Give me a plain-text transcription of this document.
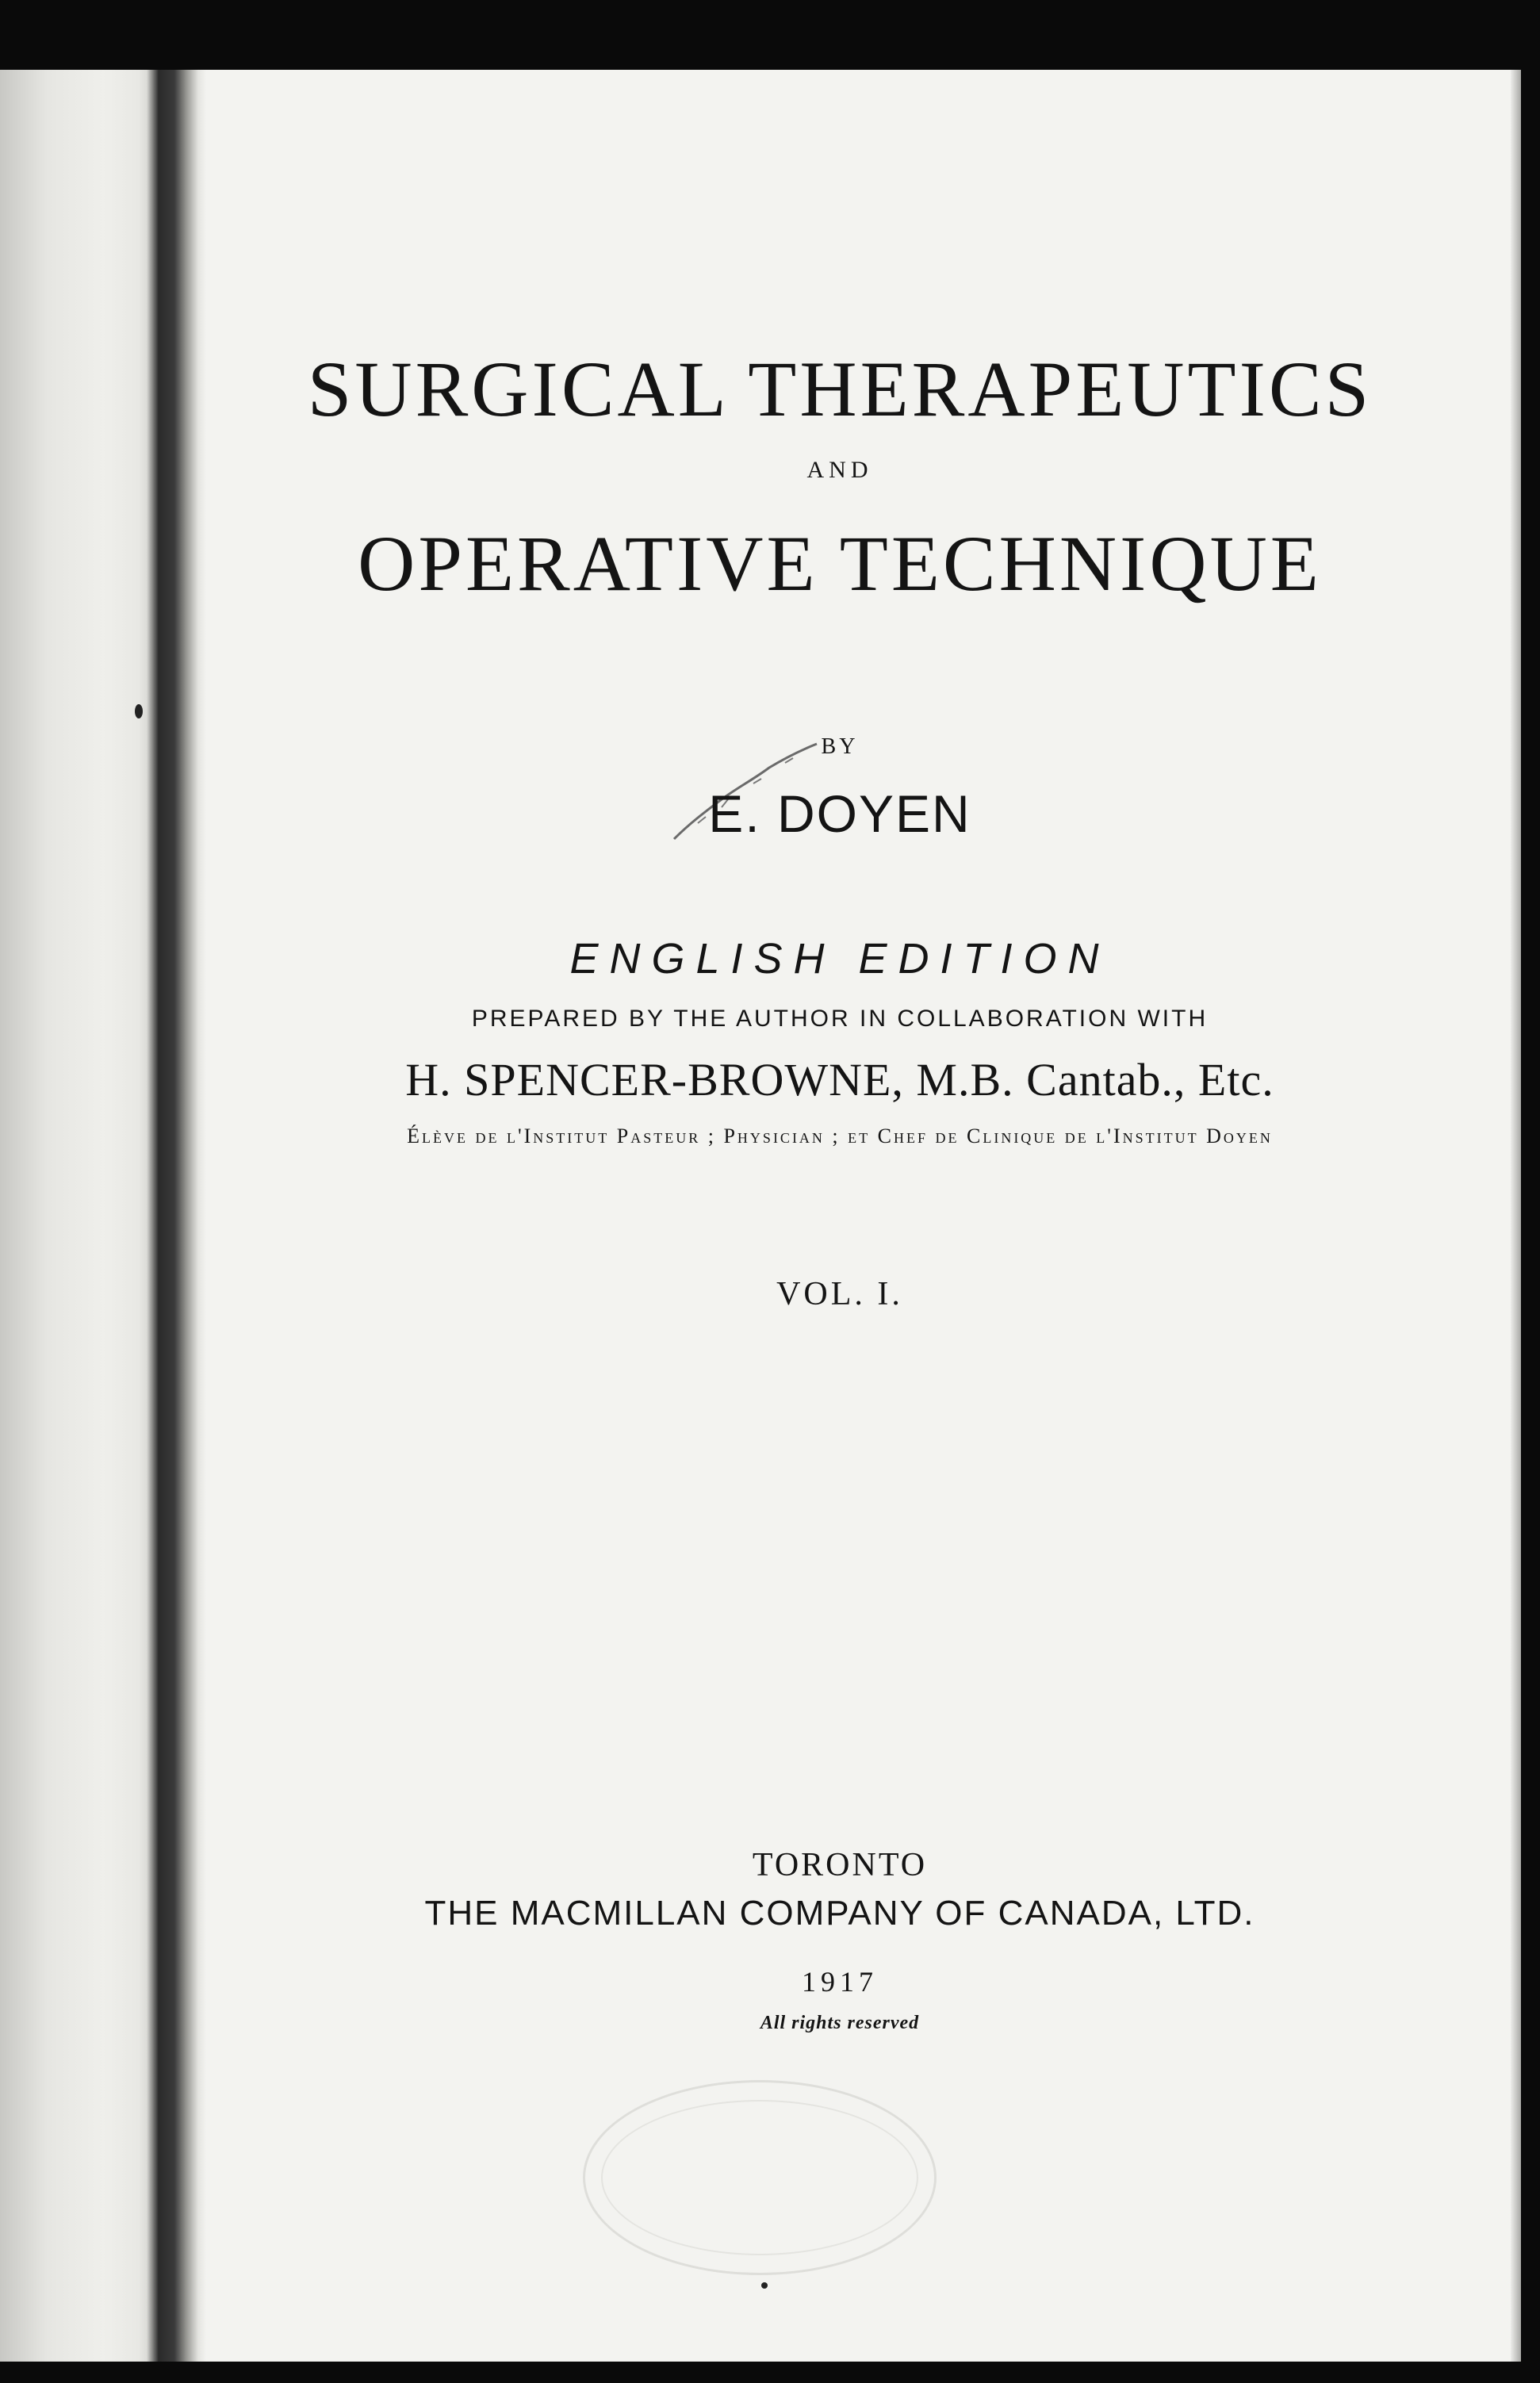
SURGICAL THERAPEUTICS
AND
OPERATIVE TECHNIQUE
BY
E. DOYEN
ENGLISH EDITION
PREPARED BY THE AUTHOR IN COLLABORATION WITH
H. SPENCER-BROWNE, M.B. Cantab., Etc.
Élève de l'Institut Pasteur ; Physician ; et Chef de Clinique de l'Institut Doyen
VOL. I.
TORONTO
THE MACMILLAN COMPANY OF CANADA, LTD.
1917
All rights reserved
